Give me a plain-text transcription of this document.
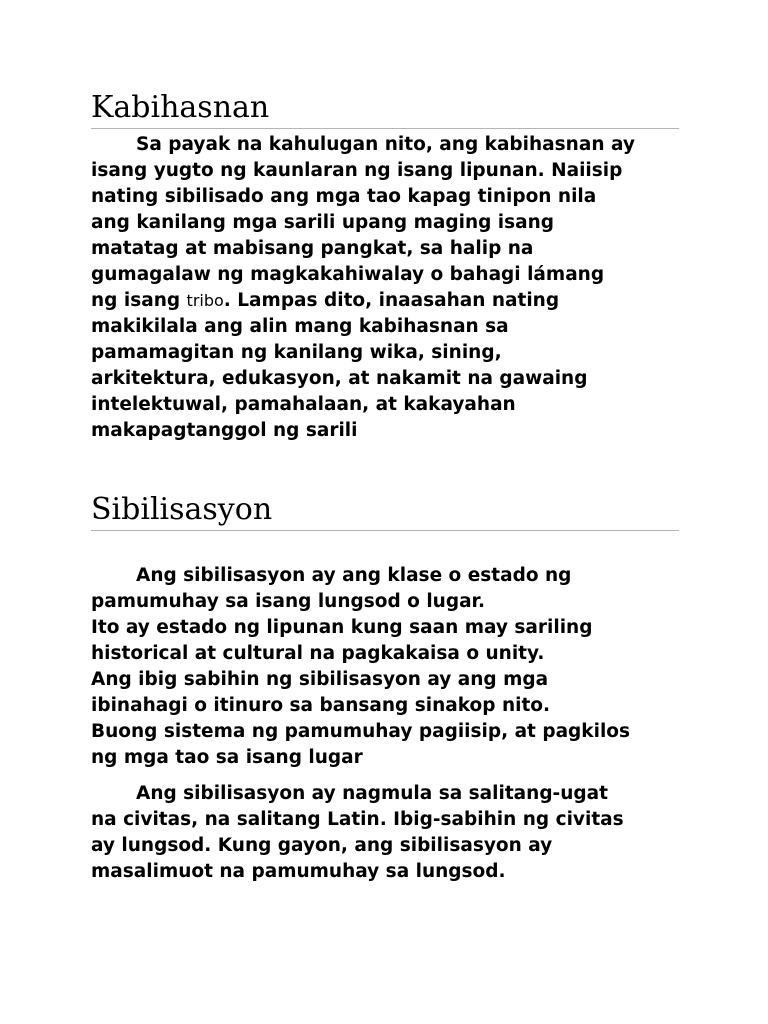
Kabihasnan

Sa payak na kahulugan nito, ang kabihasnan ay
isang yugto ng kaunlaran ng isang lipunan. Naiisip
nating sibilisado ang mga tao kapag tinipon nila
ang kanilang mga sarili upang maging isang
matatag at mabisang pangkat, sa halip na
gumagalaw ng magkakahiwalay o bahagi lámang
ng isang tribo. Lampas dito, inaasahan nating
makikilala ang alin mang kabihasnan sa
pamamagitan ng kanilang wika, sining,
arkitektura, edukasyon, at nakamit na gawaing
intelektuwal, pamahalaan, at kakayahan
makapagtanggol ng sarili

Sibilisasyon

Ang sibilisasyon ay ang klase o estado ng
pamumuhay sa isang lungsod o lugar.
Ito ay estado ng lipunan kung saan may sariling
historical at cultural na pagkakaisa o unity.
Ang ibig sabihin ng sibilisasyon ay ang mga
ibinahagi o itinuro sa bansang sinakop nito.
Buong sistema ng pamumuhay pagiisip, at pagkilos
ng mga tao sa isang lugar

Ang sibilisasyon ay nagmula sa salitang-ugat
na civitas, na salitang Latin. Ibig-sabihin ng civitas
ay lungsod. Kung gayon, ang sibilisasyon ay
masalimuot na pamumuhay sa lungsod.
